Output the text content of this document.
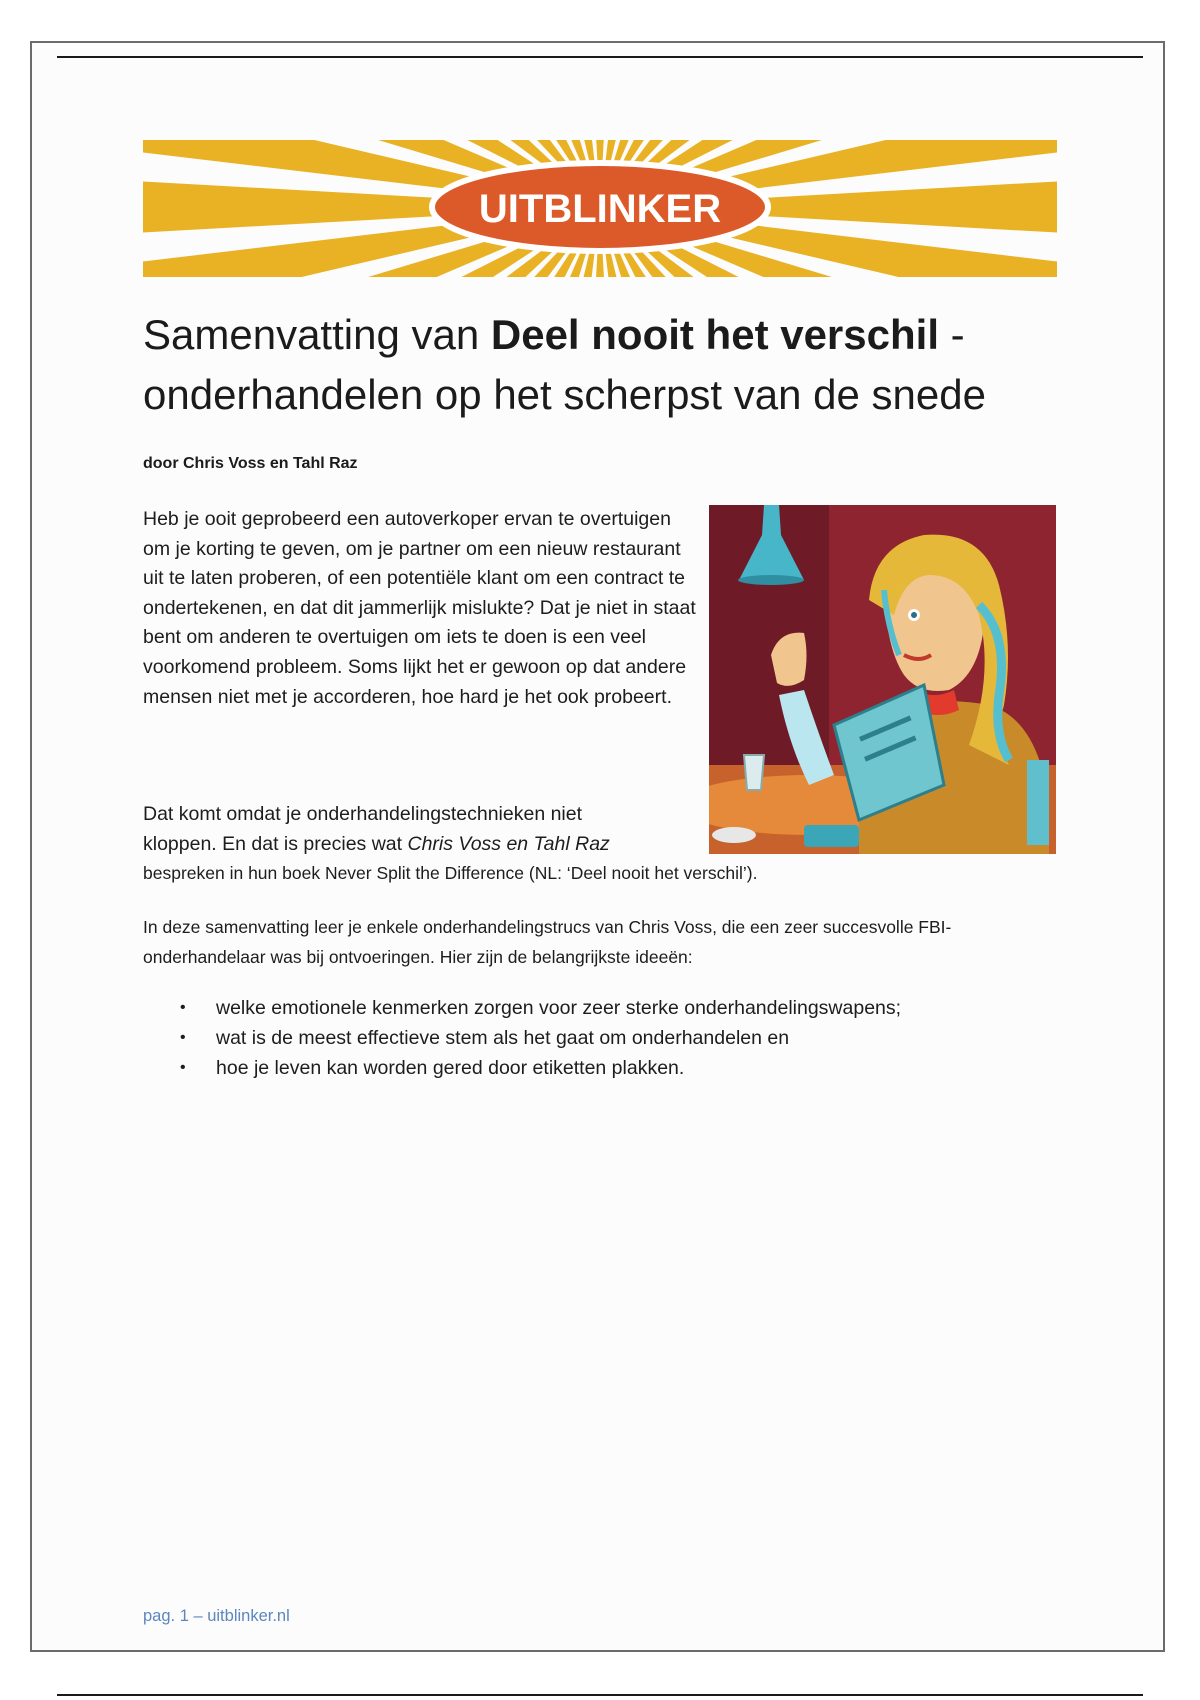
UITBLINKER
Samenvatting van Deel nooit het verschil -
onderhandelen op het scherpst van de snede
door Chris Voss en Tahl Raz

Heb je ooit geprobeerd een autoverkoper ervan te overtuigen om je korting te geven, om je partner om een nieuw restaurant uit te laten proberen, of een potentiële klant om een contract te ondertekenen, en dat dit jammerlijk mislukte? Dat je niet in staat bent om anderen te overtuigen om iets te doen is een veel voorkomend probleem. Soms lijkt het er gewoon op dat andere mensen niet met je accorderen, hoe hard je het ook probeert.

Dat komt omdat je onderhandelingstechnieken niet
kloppen. En dat is precies wat Chris Voss en Tahl Raz
bespreken in hun boek Never Split the Difference (NL: ‘Deel nooit het verschil’).

In deze samenvatting leer je enkele onderhandelingstrucs van Chris Voss, die een zeer succesvolle FBI-onderhandelaar was bij ontvoeringen. Hier zijn de belangrijkste ideeën:

• welke emotionele kenmerken zorgen voor zeer sterke onderhandelingswapens;
• wat is de meest effectieve stem als het gaat om onderhandelen en
• hoe je leven kan worden gered door etiketten plakken.
pag. 1 – uitblinker.nl
